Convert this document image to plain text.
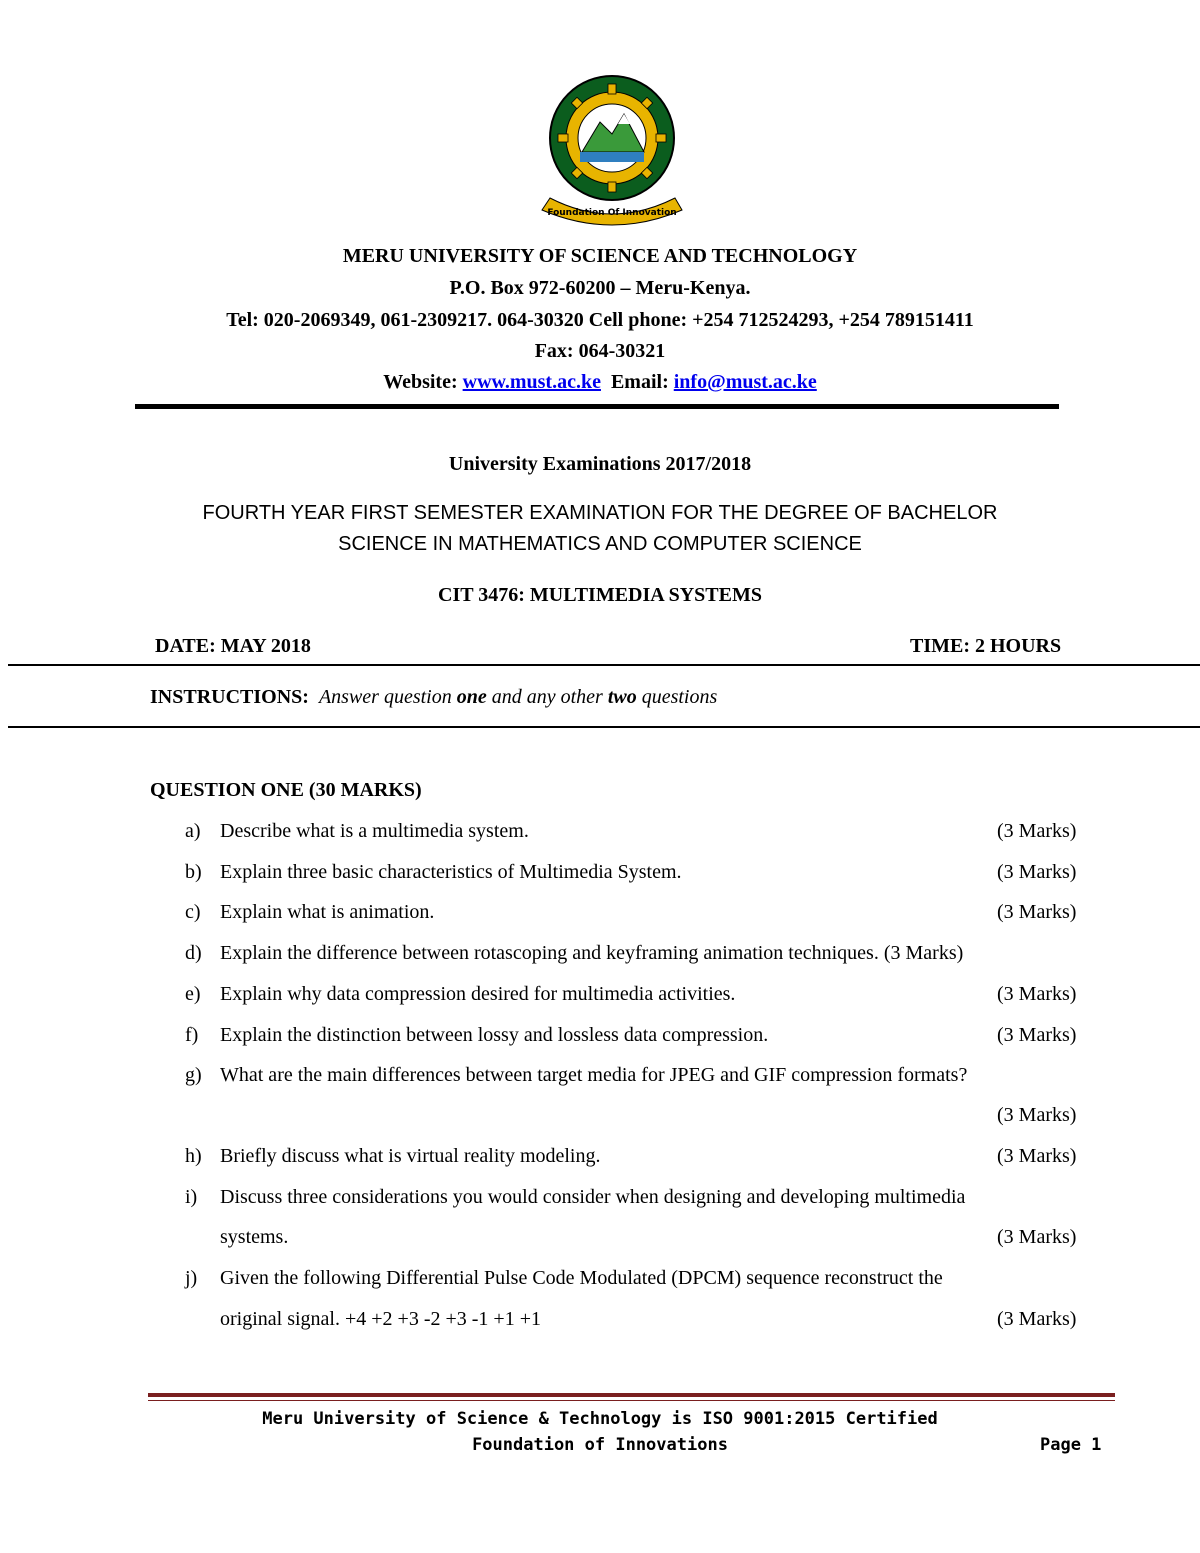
Foundation Of Innovation
MERU UNIVERSITY OF SCIENCE AND TECHNOLOGY
P.O. Box 972-60200 – Meru-Kenya.
Tel: 020-2069349, 061-2309217. 064-30320 Cell phone: +254 712524293, +254 789151411
Fax: 064-30321
Website: www.must.ac.ke Email: info@must.ac.ke
University Examinations 2017/2018
FOURTH YEAR FIRST SEMESTER EXAMINATION FOR THE DEGREE OF BACHELOR
SCIENCE IN MATHEMATICS AND COMPUTER SCIENCE
CIT 3476: MULTIMEDIA SYSTEMS
DATE: MAY 2018	TIME: 2 HOURS
INSTRUCTIONS: Answer question one and any other two questions
QUESTION ONE (30 MARKS)
a) Describe what is a multimedia system.	(3 Marks)
b) Explain three basic characteristics of Multimedia System.	(3 Marks)
c) Explain what is animation.	(3 Marks)
d) Explain the difference between rotascoping and keyframing animation techniques. (3 Marks)
e) Explain why data compression desired for multimedia activities.	(3 Marks)
f)	Explain the distinction between lossy and lossless data compression.	(3 Marks)
g) What are the main differences between target media for JPEG and GIF compression formats?
(3 Marks)
h) Briefly discuss what is virtual reality modeling.	(3 Marks)
i)	Discuss three considerations you would consider when designing and developing multimedia
systems.	(3 Marks)
j)	Given the following Differential Pulse Code Modulated (DPCM) sequence reconstruct the
original signal. +4 +2 +3 -2 +3 -1 +1 +1	(3 Marks)
Meru University of Science & Technology is ISO 9001:2015 Certified
Foundation of Innovations	Page 1
